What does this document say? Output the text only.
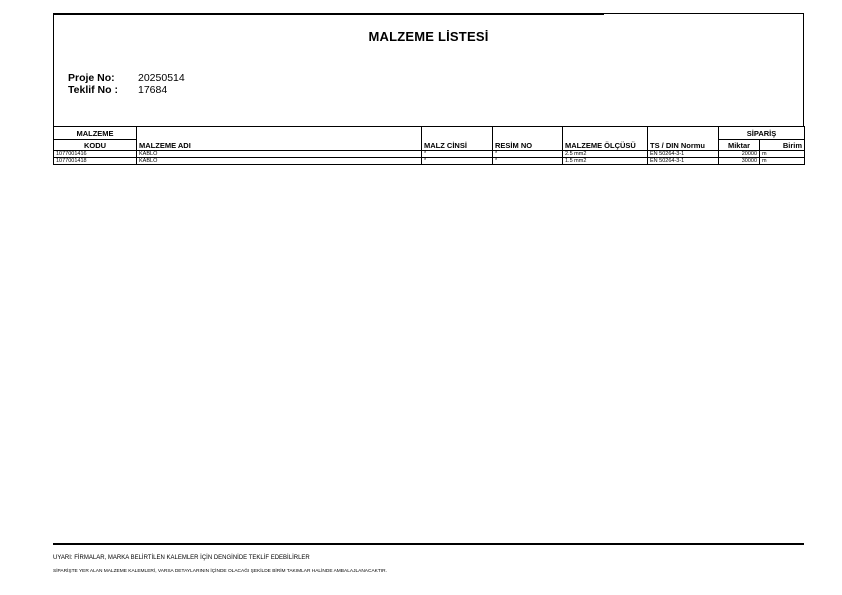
MALZEME LİSTESİ
Proje No: 20250514
Teklif No : 17684
MALZEME	MALZEME ADI	MALZ CİNSİ	RESİM NO	MALZEME ÖLÇÜSÜ	TS / DIN Normu	SİPARİŞ	
KODU						Miktar	Birim
1077001416	KABLO	*	*	2.5 mm2	EN 50264-3-1	20000	m
1077001418	KABLO	*	*	1.5 mm2	EN 50264-3-1	30000	m
UYARI: FİRMALAR, MARKA BELİRTİLEN KALEMLER İÇİN DENGİNİDE TEKLİF EDEBİLİRLER
SİPARİŞTE YER ALAN MALZEME KALEMLERİ, VARSA DETAYLARININ İÇİNDE OLACAĞI ŞEKİLDE BİRİM TAKIMLAR HALİNDE AMBALAJLANACAKTIR.
